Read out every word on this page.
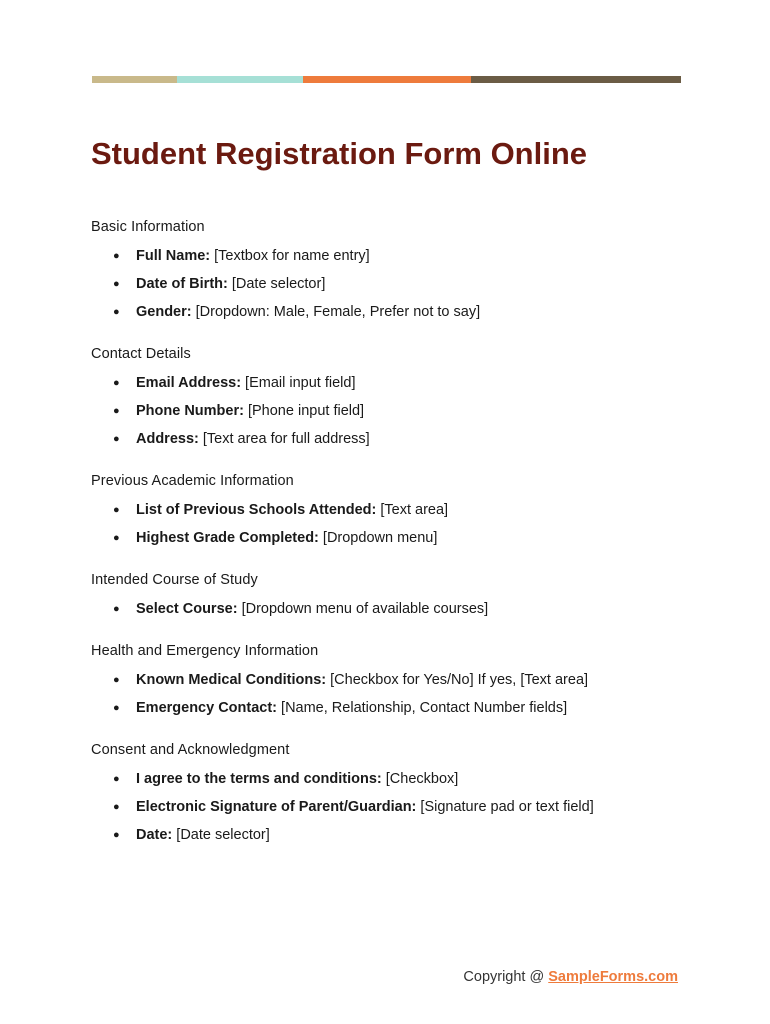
Student Registration Form Online
Basic Information
● Full Name: [Textbox for name entry]
● Date of Birth: [Date selector]
● Gender: [Dropdown: Male, Female, Prefer not to say]
Contact Details
● Email Address: [Email input field]
● Phone Number: [Phone input field]
● Address: [Text area for full address]
Previous Academic Information
● List of Previous Schools Attended: [Text area]
● Highest Grade Completed: [Dropdown menu]
Intended Course of Study
● Select Course: [Dropdown menu of available courses]
Health and Emergency Information
● Known Medical Conditions: [Checkbox for Yes/No] If yes, [Text area]
● Emergency Contact: [Name, Relationship, Contact Number fields]
Consent and Acknowledgment
● I agree to the terms and conditions: [Checkbox]
● Electronic Signature of Parent/Guardian: [Signature pad or text field]
● Date: [Date selector]
Copyright @ SampleForms.com
